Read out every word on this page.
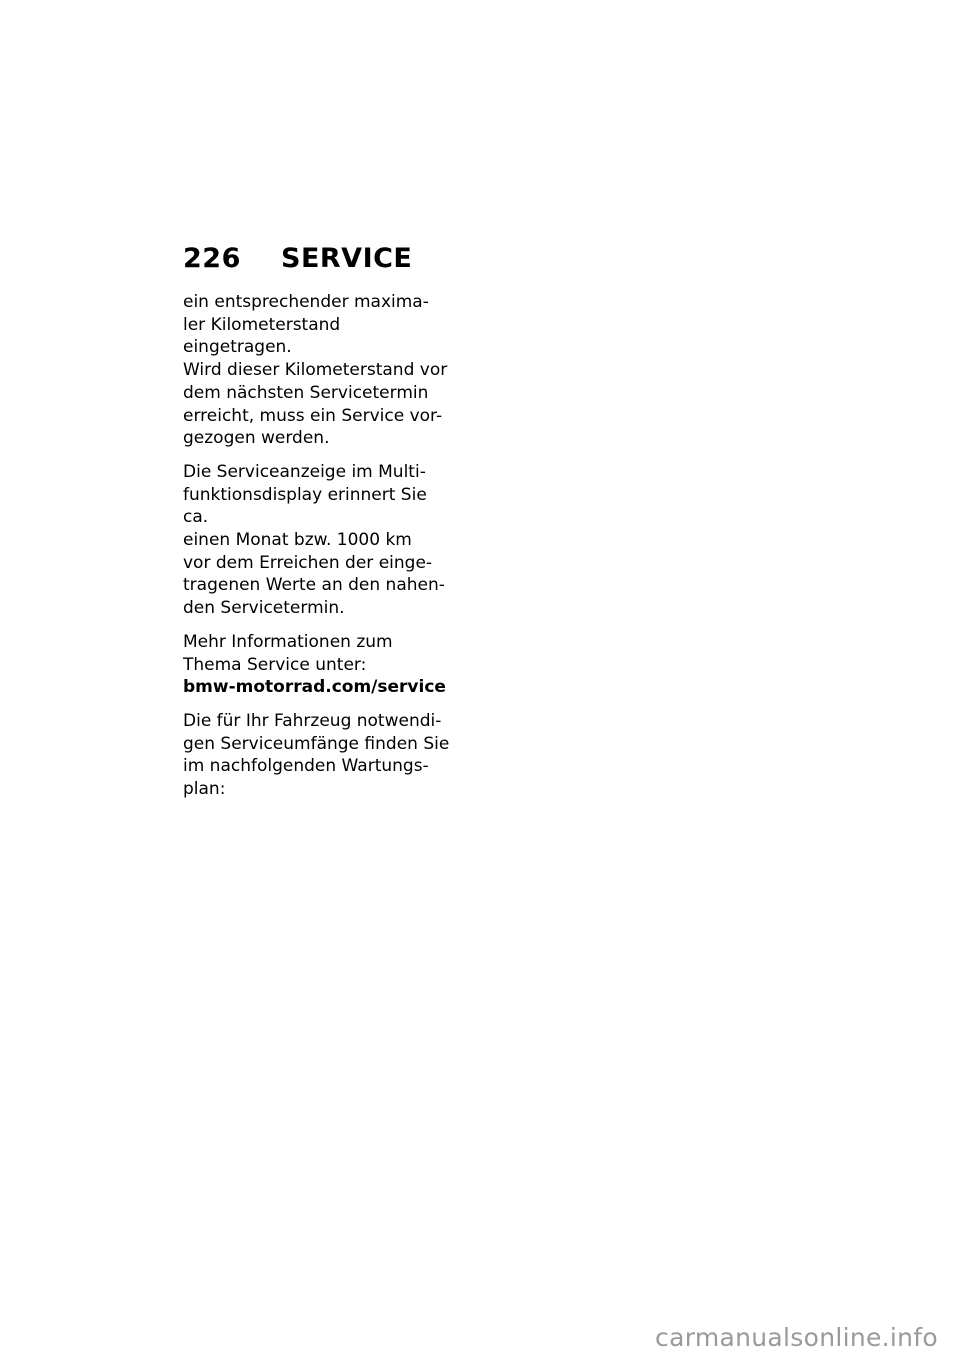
226	SERVICE

ein entsprechender maxima-
ler Kilometerstand eingetragen.
Wird dieser Kilometerstand vor
dem nächsten Servicetermin
erreicht, muss ein Service vor-
gezogen werden.

Die Serviceanzeige im Multi-
funktionsdisplay erinnert Sie ca.
einen Monat bzw. 1000 km
vor dem Erreichen der einge-
tragenen Werte an den nahen-
den Servicetermin.

Mehr Informationen zum
Thema Service unter:
bmw-motorrad.com/service

Die für Ihr Fahrzeug notwendi-
gen Serviceumfänge finden Sie
im nachfolgenden Wartungs-
plan:

carmanualsonline.info
